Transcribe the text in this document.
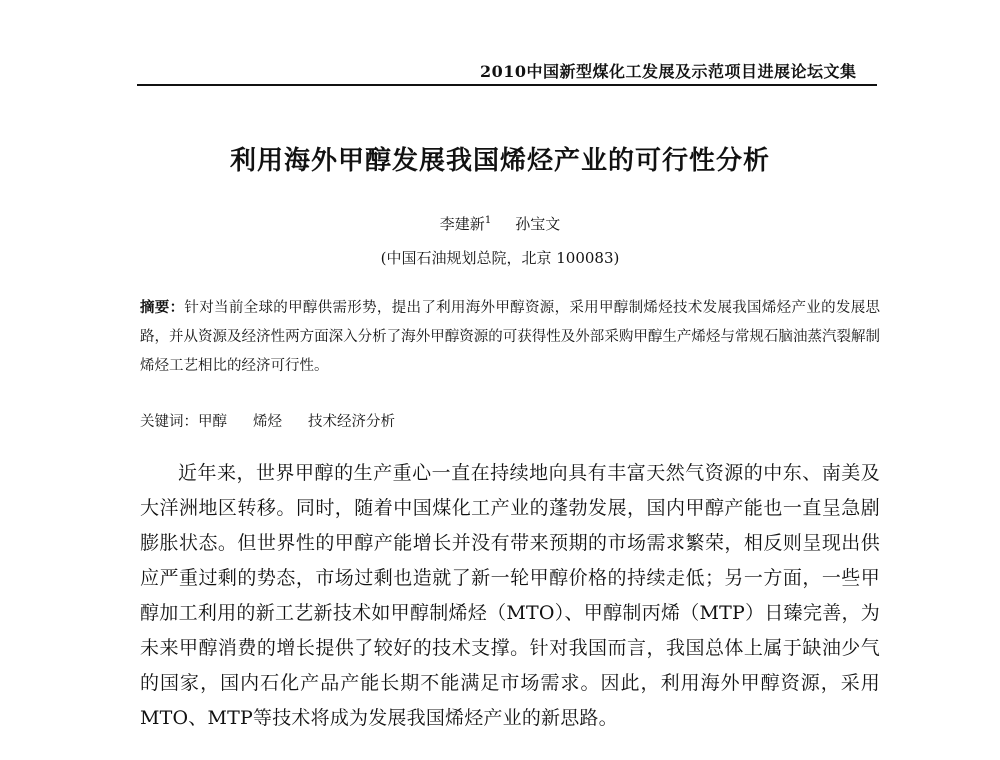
2010中国新型煤化工发展及示范项目进展论坛文集
利用海外甲醇发展我国烯烃产业的可行性分析
李建新$^1$ 孙宝文
(中国石油规划总院，北京 100083)
摘要：针对当前全球的甲醇供需形势，提出了利用海外甲醇资源，采用甲醇制烯烃技术发展我国烯烃产业的发展思路，并从资源及经济性两方面深入分析了海外甲醇资源的可获得性及外部采购甲醇生产烯烃与常规石脑油蒸汽裂解制烯烃工艺相比的经济可行性。
关键词：甲醇 烯烃 技术经济分析
近年来，世界甲醇的生产重心一直在持续地向具有丰富天然气资源的中东、南美及大洋洲地区转移。同时，随着中国煤化工产业的蓬勃发展，国内甲醇产能也一直呈急剧膨胀状态。但世界性的甲醇产能增长并没有带来预期的市场需求繁荣，相反则呈现出供应严重过剩的势态，市场过剩也造就了新一轮甲醇价格的持续走低；另一方面，一些甲醇加工利用的新工艺新技术如甲醇制烯烃（MTO）、甲醇制丙烯（MTP）日臻完善，为未来甲醇消费的增长提供了较好的技术支撑。针对我国而言，我国总体上属于缺油少气的国家，国内石化产品产能长期不能满足市场需求。因此，利用海外甲醇资源，采用MTO、MTP等技术将成为发展我国烯烃产业的新思路。
